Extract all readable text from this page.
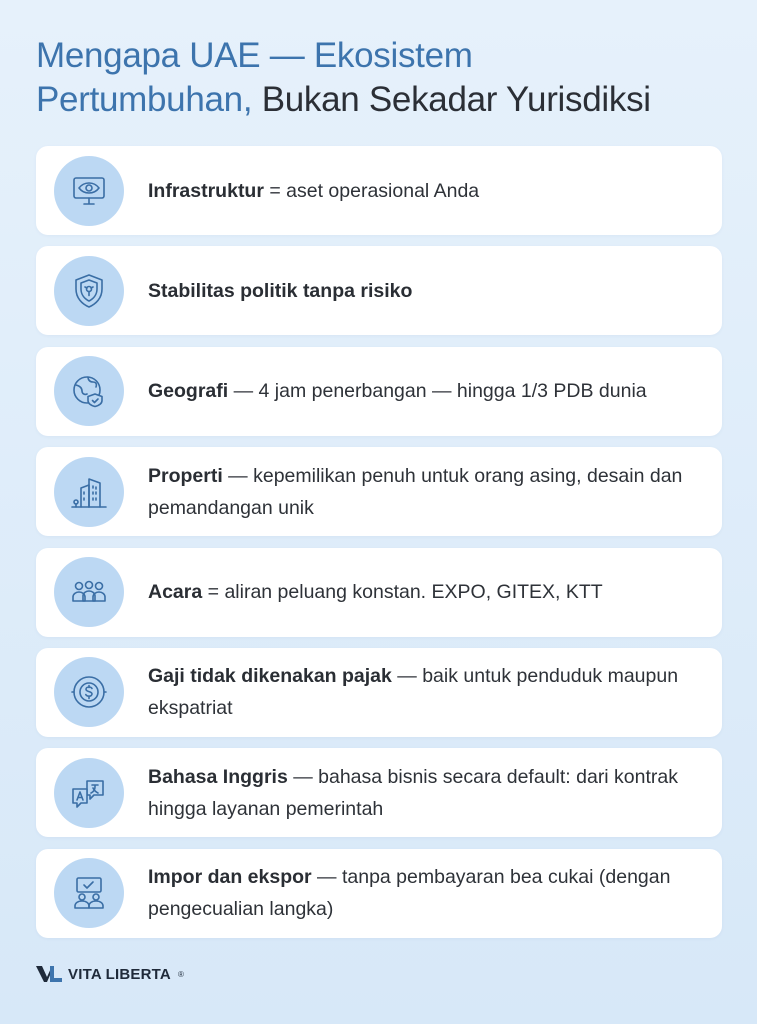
Mengapa UAE — Ekosistem
Pertumbuhan, Bukan Sekadar Yurisdiksi
Infrastruktur = aset operasional Anda
Stabilitas politik tanpa risiko
Geografi — 4 jam penerbangan — hingga 1/3 PDB dunia
Properti — kepemilikan penuh untuk orang asing, desain dan pemandangan unik
Acara = aliran peluang konstan. EXPO, GITEX, KTT
Gaji tidak dikenakan pajak — baik untuk penduduk maupun ekspatriat
Bahasa Inggris — bahasa bisnis secara default: dari kontrak hingga layanan pemerintah
Impor dan ekspor — tanpa pembayaran bea cukai (dengan pengecualian langka)
VITA LIBERTA ®
